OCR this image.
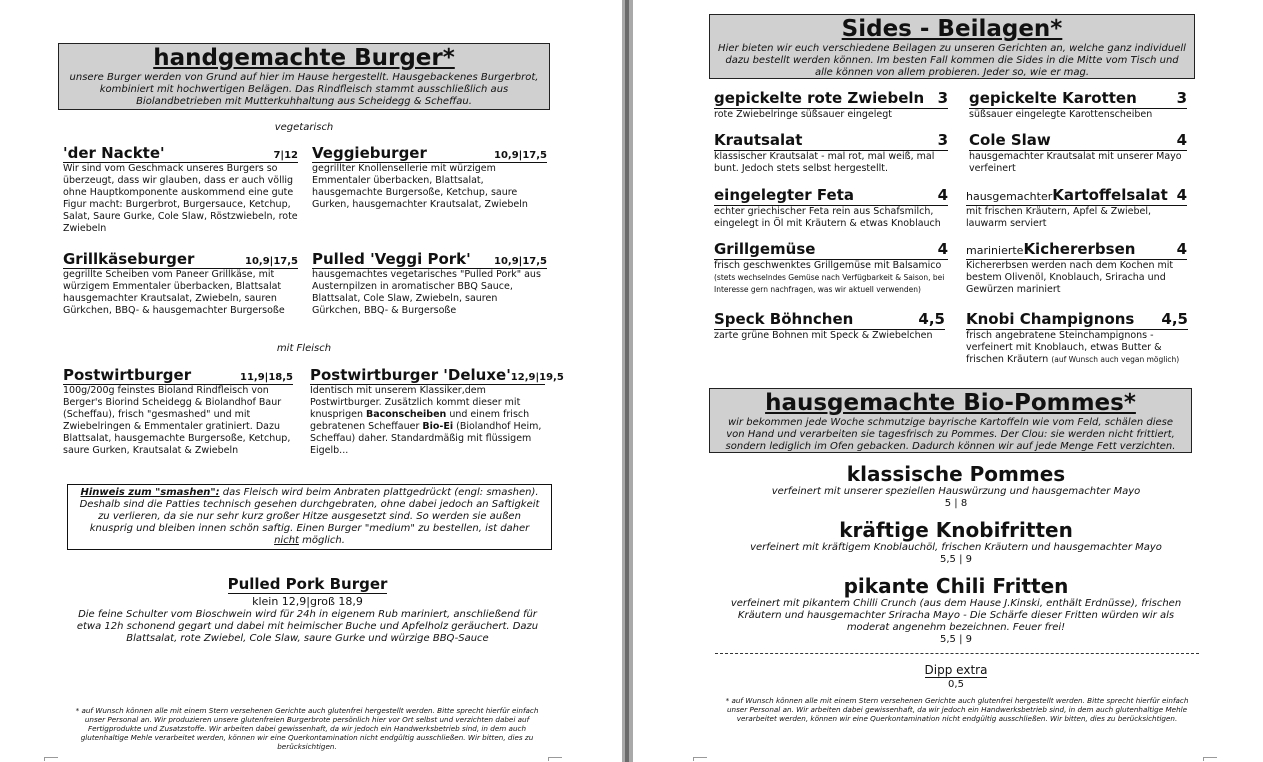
handgemachte Burger*
unsere Burger werden von Grund auf hier im Hause hergestellt. Hausgebackenes Burgerbrot, kombiniert mit hochwertigen Belägen. Das Rindfleisch stammt ausschließlich aus Biolandbetrieben mit Mutterkuhhaltung aus Scheidegg & Scheffau.
vegetarisch
'der Nackte'	7|12
Wir sind vom Geschmack unseres Burgers so überzeugt, dass wir glauben, dass er auch völlig ohne Hauptkomponente auskommend eine gute Figur macht: Burgerbrot, Burgersauce, Ketchup, Salat, Saure Gurke, Cole Slaw, Röstzwiebeln, rote Zwiebeln
Veggieburger	10,9|17,5
gegrillter Knollensellerie mit würzigem Emmentaler überbacken, Blattsalat, hausgemachte Burgersoße, Ketchup, saure Gurken, hausgemachter Krautsalat, Zwiebeln
Grillkäseburger	10,9|17,5
gegrillte Scheiben vom Paneer Grillkäse, mit würzigem Emmentaler überbacken, Blattsalat hausgemachter Krautsalat, Zwiebeln, sauren Gürkchen, BBQ- & hausgemachter Burgersoße
Pulled 'Veggi Pork' 10,9|17,5
hausgemachtes vegetarisches "Pulled Pork" aus Austernpilzen in aromatischer BBQ Sauce, Blattsalat, Cole Slaw, Zwiebeln, sauren Gürkchen, BBQ- & Burgersoße
mit Fleisch
Postwirtburger	11,9|18,5
100g/200g feinstes Bioland Rindfleisch von Berger's Biorind Scheidegg & Biolandhof Baur (Scheffau), frisch "gesmashed" und mit Zwiebelringen & Emmentaler gratiniert. Dazu Blattsalat, hausgemachte Burgersoße, Ketchup, saure Gurken, Krautsalat & Zwiebeln
Postwirtburger 'Deluxe' 12,9|19,5
Identisch mit unserem Klassiker,dem Postwirtburger. Zusätzlich kommt dieser mit knusprigen Baconscheiben und einem frisch gebratenen Scheffauer Bio-Ei (Biolandhof Heim, Scheffau) daher. Standardmäßig mit flüssigem Eigelb...
Hinweis zum "smashen": das Fleisch wird beim Anbraten plattgedrückt (engl: smashen). Deshalb sind die Patties technisch gesehen durchgebraten, ohne dabei jedoch an Saftigkeit zu verlieren, da sie nur sehr kurz großer Hitze ausgesetzt sind. So werden sie außen knusprig und bleiben innen schön saftig. Einen Burger "medium" zu bestellen, ist daher nicht möglich.
Pulled Pork Burger
klein 12,9|groß 18,9
Die feine Schulter vom Bioschwein wird für 24h in eigenem Rub mariniert, anschließend für etwa 12h schonend gegart und dabei mit heimischer Buche und Apfelholz geräuchert. Dazu Blattsalat, rote Zwiebel, Cole Slaw, saure Gurke und würzige BBQ-Sauce
* auf Wunsch können alle mit einem Stern versehenen Gerichte auch glutenfrei hergestellt werden. Bitte sprecht hierfür einfach unser Personal an. Wir produzieren unsere glutenfreien Burgerbrote persönlich hier vor Ort selbst und verzichten dabei auf Fertigprodukte und Zusatzstoffe. Wir arbeiten dabei gewissenhaft, da wir jedoch ein Handwerksbetrieb sind, in dem auch glutenhaltige Mehle verarbeitet werden, können wir eine Querkontamination nicht endgültig ausschließen. Wir bitten, dies zu berücksichtigen.
Sides - Beilagen*
Hier bieten wir euch verschiedene Beilagen zu unseren Gerichten an, welche ganz individuell dazu bestellt werden können. Im besten Fall kommen die Sides in die Mitte vom Tisch und alle können von allem probieren. Jeder so, wie er mag.
gepickelte rote Zwiebeln 3
rote Zwiebelringe süßsauer eingelegt
gepickelte Karotten	3
süßsauer eingelegte Karottenscheiben
Krautsalat	3
klassischer Krautsalat - mal rot, mal weiß, mal bunt. Jedoch stets selbst hergestellt.
Cole Slaw	4
hausgemachter Krautsalat mit unserer Mayo verfeinert
eingelegter Feta	4
echter griechischer Feta rein aus Schafsmilch, eingelegt in Öl mit Kräutern & etwas Knoblauch
hausgemachterKartoffelsalat 4
mit frischen Kräutern, Apfel & Zwiebel, lauwarm serviert
Grillgemüse	4
frisch geschwenktes Grillgemüse mit Balsamico
(stets wechselndes Gemüse nach Verfügbarkeit & Saison, bei Interesse gern nachfragen, was wir aktuell verwenden)
marinierteKichererbsen	4
Kichererbsen werden nach dem Kochen mit bestem Olivenöl, Knoblauch, Sriracha und Gewürzen mariniert
Speck Böhnchen	4,5
zarte grüne Bohnen mit Speck & Zwiebelchen
Knobi Champignons 4,5
frisch angebratene Steinchampignons - verfeinert mit Knoblauch, etwas Butter & frischen Kräutern (auf Wunsch auch vegan möglich)
hausgemachte Bio-Pommes*
wir bekommen jede Woche schmutzige bayrische Kartoffeln wie vom Feld, schälen diese von Hand und verarbeiten sie tagesfrisch zu Pommes. Der Clou: sie werden nicht frittiert, sondern lediglich im Ofen gebacken. Dadurch können wir auf jede Menge Fett verzichten.
klassische Pommes
verfeinert mit unserer speziellen Hauswürzung und hausgemachter Mayo
5 | 8
kräftige Knobifritten
verfeinert mit kräftigem Knoblauchöl, frischen Kräutern und hausgemachter Mayo
5,5 | 9
pikante Chili Fritten
verfeinert mit pikantem Chilli Crunch (aus dem Hause J.Kinski, enthält Erdnüsse), frischen Kräutern und hausgemachter Sriracha Mayo - Die Schärfe dieser Fritten würden wir als moderat angenehm bezeichnen. Feuer frei!
5,5 | 9
Dipp extra
0,5
* auf Wunsch können alle mit einem Stern versehenen Gerichte auch glutenfrei hergestellt werden. Bitte sprecht hierfür einfach unser Personal an. Wir arbeiten dabei gewissenhaft, da wir jedoch ein Handwerksbetrieb sind, in dem auch glutenhaltige Mehle verarbeitet werden, können wir eine Querkontamination nicht endgültig ausschließen. Wir bitten, dies zu berücksichtigen.
